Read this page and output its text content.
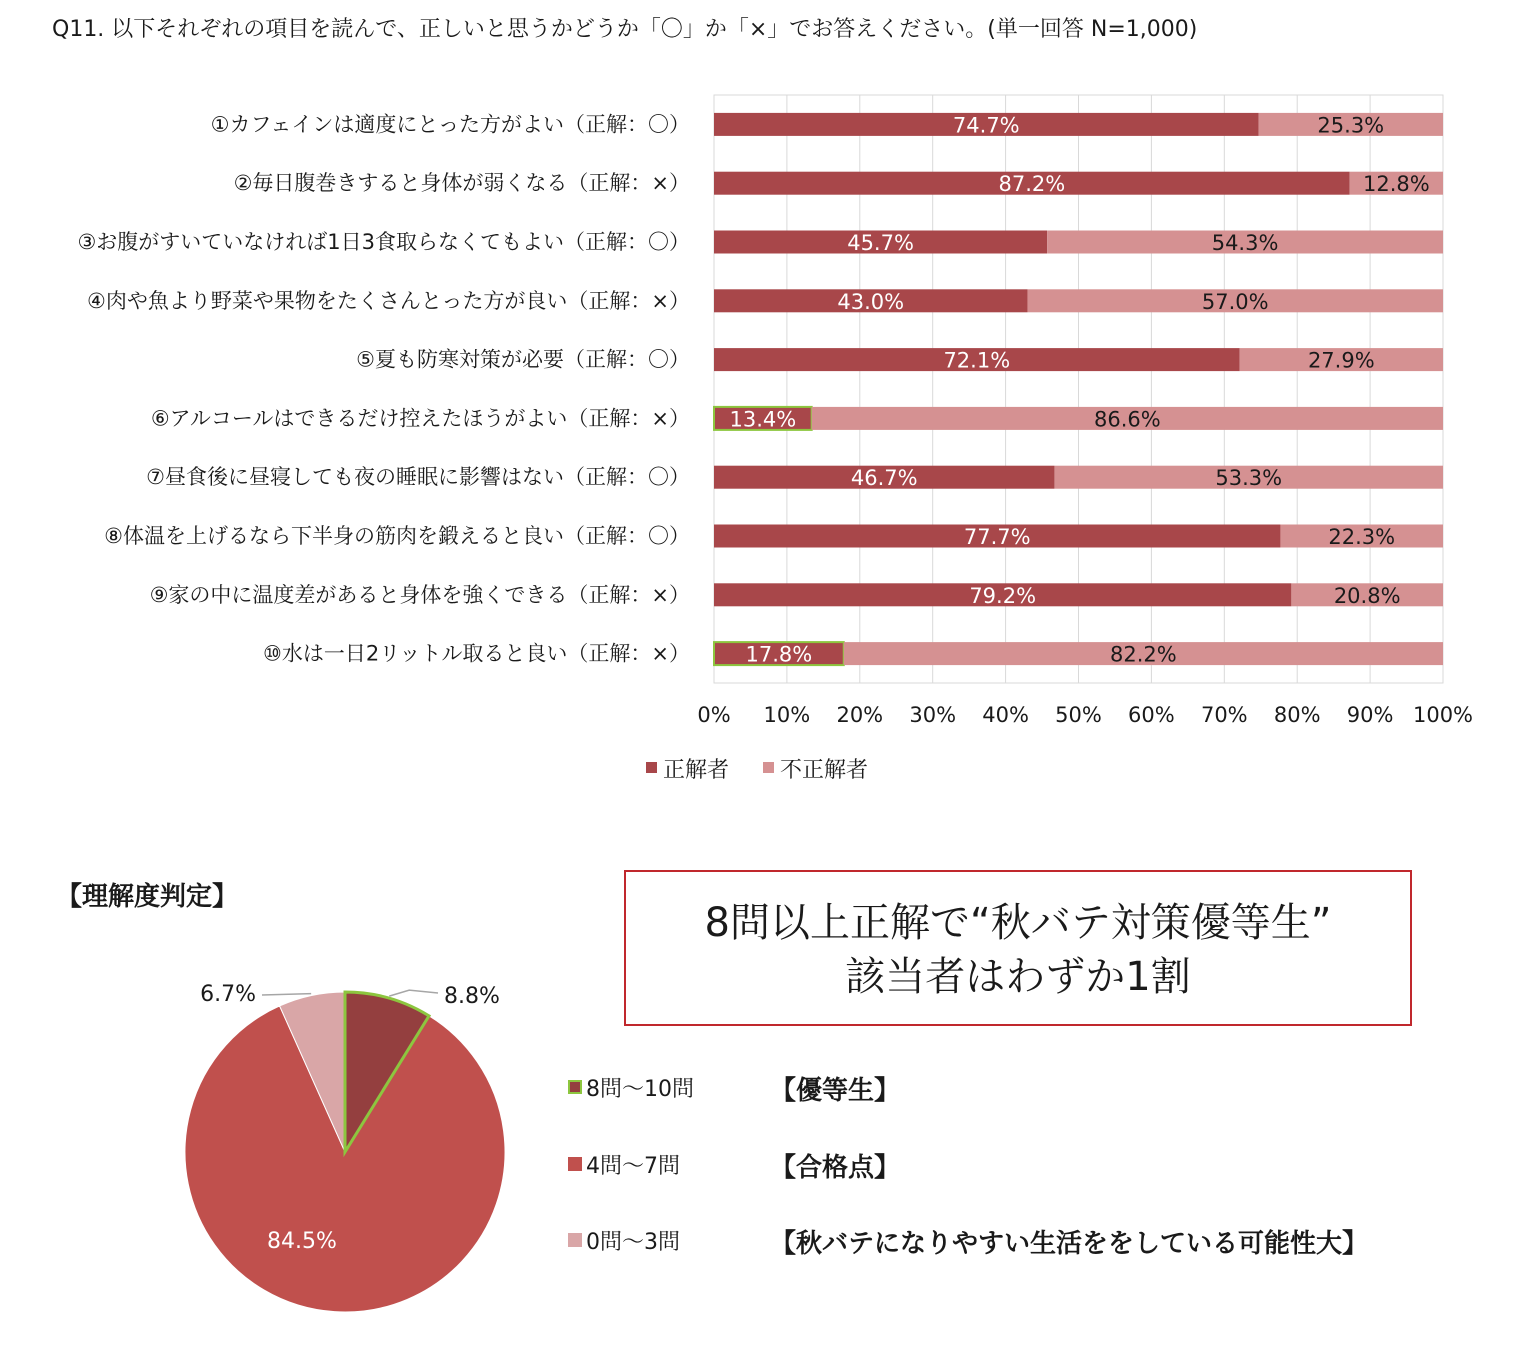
Q11. 以下それぞれの項目を読んで、正しいと思うかどうか「〇」か「×」でお答えください。(単一回答 N=1,000)
0% 10% 20% 30% 40% 50% 60% 70% 80% 90% 100%
①カフェインは適度にとった方がよい（正解：〇）	74.7%	25.3%
②毎日腹巻きすると身体が弱くなる（正解：×）	87.2%	12.8%
③お腹がすいていなければ1日3食取らなくてもよい（正解：〇）	45.7%	54.3%
④肉や魚より野菜や果物をたくさんとった方が良い（正解：×）	43.0%	57.0%
⑤夏も防寒対策が必要（正解：〇）	72.1%	27.9%
⑥アルコールはできるだけ控えたほうがよい（正解：×） 13.4%	86.6%
⑦昼食後に昼寝しても夜の睡眠に影響はない（正解：〇）	46.7%	53.3%
⑧体温を上げるなら下半身の筋肉を鍛えると良い（正解：〇）	77.7%	22.3%
⑨家の中に温度差があると身体を強くできる（正解：×）	79.2%	20.8%
⑩水は一日2リットル取ると良い（正解：×）	17.8%	82.2%
正解者 不正解者
【理解度判定】
8.8%
84.5%
6.7%
8問以上正解で“秋バテ対策優等生”
該当者はわずか1割
8問～10問	【優等生】
4問～7問	【合格点】
0問～3問	【秋バテになりやすい生活ををしている可能性大】
